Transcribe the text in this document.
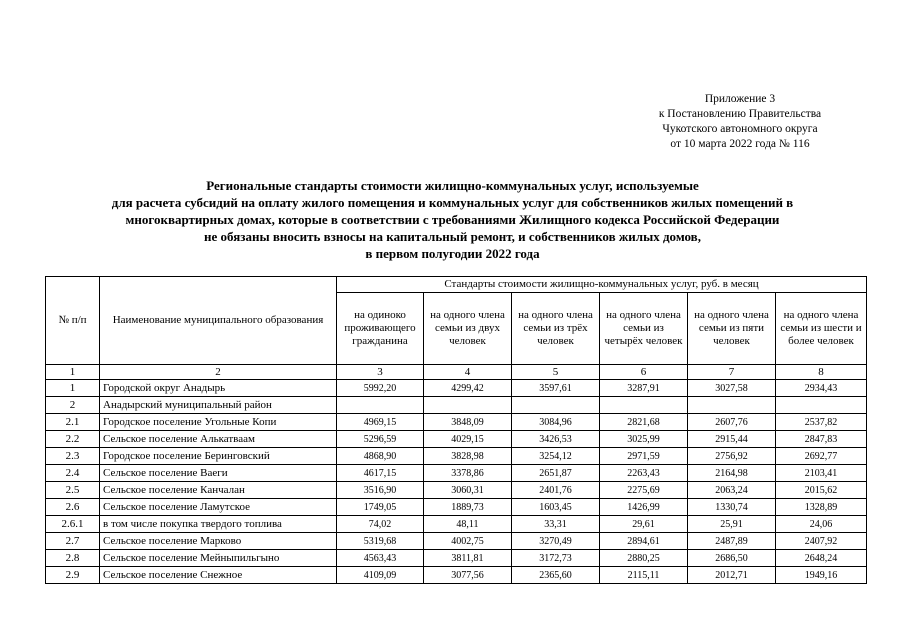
Приложение 3
к Постановлению Правительства
Чукотского автономного округа
от 10 марта 2022 года № 116
Региональные стандарты стоимости жилищно-коммунальных услуг, используемые
для расчета субсидий на оплату жилого помещения и коммунальных услуг для собственников жилых помещений в
многоквартирных домах, которые в соответствии с требованиями Жилищного кодекса Российской Федерации
не обязаны вносить взносы на капитальный ремонт, и собственников жилых домов,
в первом полугодии 2022 года
№ п/п	Наименование муниципального образования	Стандарты стоимости жилищно-коммунальных услуг, руб. в месяц					
		на одиноко проживающего гражданина	на одного члена семьи из двух человек	на одного члена семьи из трёх человек	на одного члена семьи из четырёх человек	на одного члена семьи из пяти человек	на одного члена семьи из шести и более человек
1	2	3	4	5	6	7	8
1	Городской округ Анадырь	5992,20	4299,42	3597,61	3287,91	3027,58	2934,43
2	Анадырский муниципальный район						
2.1	Городское поселение Угольные Копи	4969,15	3848,09	3084,96	2821,68	2607,76	2537,82
2.2	Сельское поселение Алькатваам	5296,59	4029,15	3426,53	3025,99	2915,44	2847,83
2.3	Городское поселение Беринговский	4868,90	3828,98	3254,12	2971,59	2756,92	2692,77
2.4	Сельское поселение Ваеги	4617,15	3378,86	2651,87	2263,43	2164,98	2103,41
2.5	Сельское поселение Канчалан	3516,90	3060,31	2401,76	2275,69	2063,24	2015,62
2.6	Сельское поселение Ламутское	1749,05	1889,73	1603,45	1426,99	1330,74	1328,89
2.6.1	в том числе покупка твердого топлива	74,02	48,11	33,31	29,61	25,91	24,06
2.7	Сельское поселение Марково	5319,68	4002,75	3270,49	2894,61	2487,89	2407,92
2.8	Сельское поселение Мейныпильгыно	4563,43	3811,81	3172,73	2880,25	2686,50	2648,24
2.9	Сельское поселение Снежное	4109,09	3077,56	2365,60	2115,11	2012,71	1949,16
